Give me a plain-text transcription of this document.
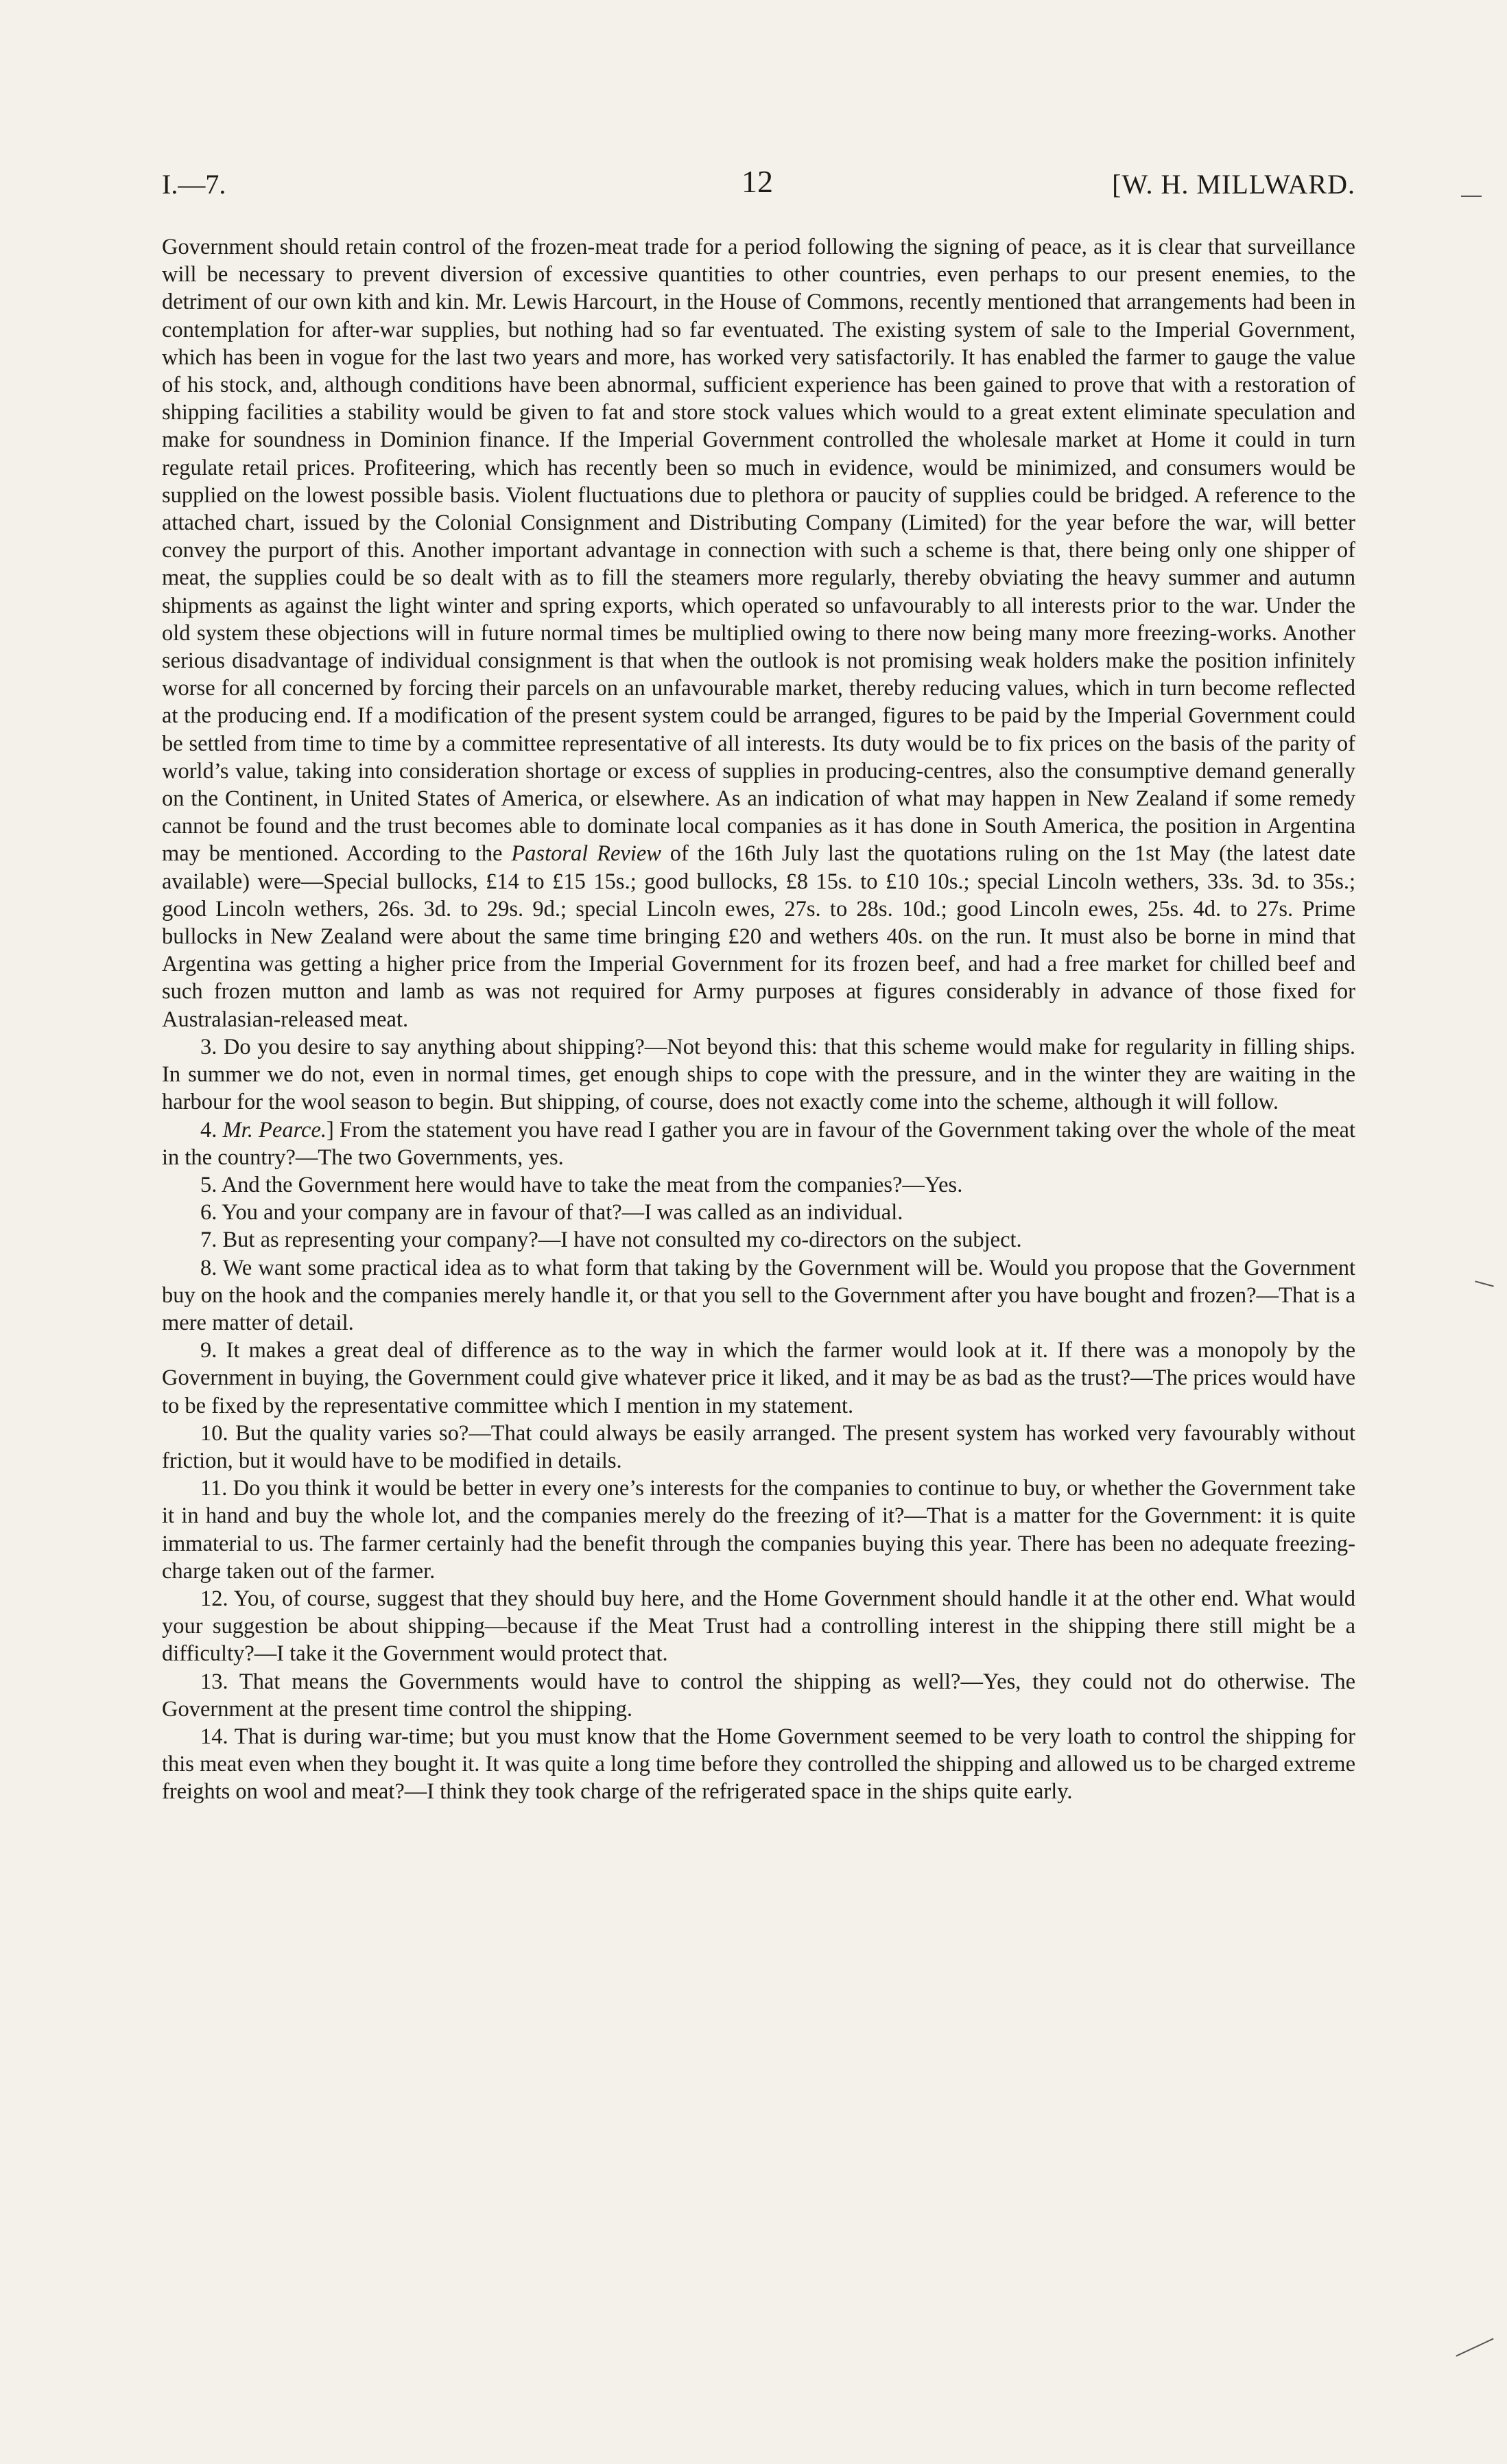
I.—7.	12	[W. H. MILLWARD.

Government should retain control of the frozen-meat trade for a period following the signing of peace, as it is clear that surveillance will be necessary to prevent diversion of excessive quantities to other countries, even perhaps to our present enemies, to the detriment of our own kith and kin. Mr. Lewis Harcourt, in the House of Commons, recently mentioned that arrangements had been in contemplation for after-war supplies, but nothing had so far eventuated. The existing system of sale to the Imperial Government, which has been in vogue for the last two years and more, has worked very satisfactorily. It has enabled the farmer to gauge the value of his stock, and, although conditions have been abnormal, sufficient experience has been gained to prove that with a restoration of shipping facilities a stability would be given to fat and store stock values which would to a great extent eliminate speculation and make for soundness in Dominion finance. If the Imperial Government controlled the wholesale market at Home it could in turn regulate retail prices. Profiteering, which has recently been so much in evidence, would be minimized, and consumers would be supplied on the lowest possible basis. Violent fluctuations due to plethora or paucity of supplies could be bridged. A reference to the attached chart, issued by the Colonial Consignment and Distributing Company (Limited) for the year before the war, will better convey the purport of this. Another important advantage in connection with such a scheme is that, there being only one shipper of meat, the supplies could be so dealt with as to fill the steamers more regularly, thereby obviating the heavy summer and autumn shipments as against the light winter and spring exports, which operated so unfavourably to all interests prior to the war. Under the old system these objections will in future normal times be multiplied owing to there now being many more freezing-works. Another serious disadvantage of individual consignment is that when the outlook is not promising weak holders make the position infinitely worse for all concerned by forcing their parcels on an unfavourable market, thereby reducing values, which in turn become reflected at the producing end. If a modification of the present system could be arranged, figures to be paid by the Imperial Government could be settled from time to time by a committee representative of all interests. Its duty would be to fix prices on the basis of the parity of world’s value, taking into consideration shortage or excess of supplies in producing-centres, also the consumptive demand generally on the Continent, in United States of America, or elsewhere. As an indication of what may happen in New Zealand if some remedy cannot be found and the trust becomes able to dominate local companies as it has done in South America, the position in Argentina may be mentioned. According to the Pastoral Review of the 16th July last the quotations ruling on the 1st May (the latest date available) were—Special bullocks, £14 to £15 15s.; good bullocks, £8 15s. to £10 10s.; special Lincoln wethers, 33s. 3d. to 35s.; good Lincoln wethers, 26s. 3d. to 29s. 9d.; special Lincoln ewes, 27s. to 28s. 10d.; good Lincoln ewes, 25s. 4d. to 27s. Prime bullocks in New Zealand were about the same time bringing £20 and wethers 40s. on the run. It must also be borne in mind that Argentina was getting a higher price from the Imperial Government for its frozen beef, and had a free market for chilled beef and such frozen mutton and lamb as was not required for Army purposes at figures considerably in advance of those fixed for Australasian-released meat.

3. Do you desire to say anything about shipping?—Not beyond this: that this scheme would make for regularity in filling ships. In summer we do not, even in normal times, get enough ships to cope with the pressure, and in the winter they are waiting in the harbour for the wool season to begin. But shipping, of course, does not exactly come into the scheme, although it will follow.

4. Mr. Pearce.] From the statement you have read I gather you are in favour of the Government taking over the whole of the meat in the country?—The two Governments, yes.

5. And the Government here would have to take the meat from the companies?—Yes.

6. You and your company are in favour of that?—I was called as an individual.

7. But as representing your company?—I have not consulted my co-directors on the subject.

8. We want some practical idea as to what form that taking by the Government will be. Would you propose that the Government buy on the hook and the companies merely handle it, or that you sell to the Government after you have bought and frozen?—That is a mere matter of detail.

9. It makes a great deal of difference as to the way in which the farmer would look at it. If there was a monopoly by the Government in buying, the Government could give whatever price it liked, and it may be as bad as the trust?—The prices would have to be fixed by the representative committee which I mention in my statement.

10. But the quality varies so?—That could always be easily arranged. The present system has worked very favourably without friction, but it would have to be modified in details.

11. Do you think it would be better in every one’s interests for the companies to continue to buy, or whether the Government take it in hand and buy the whole lot, and the companies merely do the freezing of it?—That is a matter for the Government: it is quite immaterial to us. The farmer certainly had the benefit through the companies buying this year. There has been no adequate freezing-charge taken out of the farmer.

12. You, of course, suggest that they should buy here, and the Home Government should handle it at the other end. What would your suggestion be about shipping—because if the Meat Trust had a controlling interest in the shipping there still might be a difficulty?—I take it the Government would protect that.

13. That means the Governments would have to control the shipping as well?—Yes, they could not do otherwise. The Government at the present time control the shipping.

14. That is during war-time; but you must know that the Home Government seemed to be very loath to control the shipping for this meat even when they bought it. It was quite a long time before they controlled the shipping and allowed us to be charged extreme freights on wool and meat?—I think they took charge of the refrigerated space in the ships quite early.
